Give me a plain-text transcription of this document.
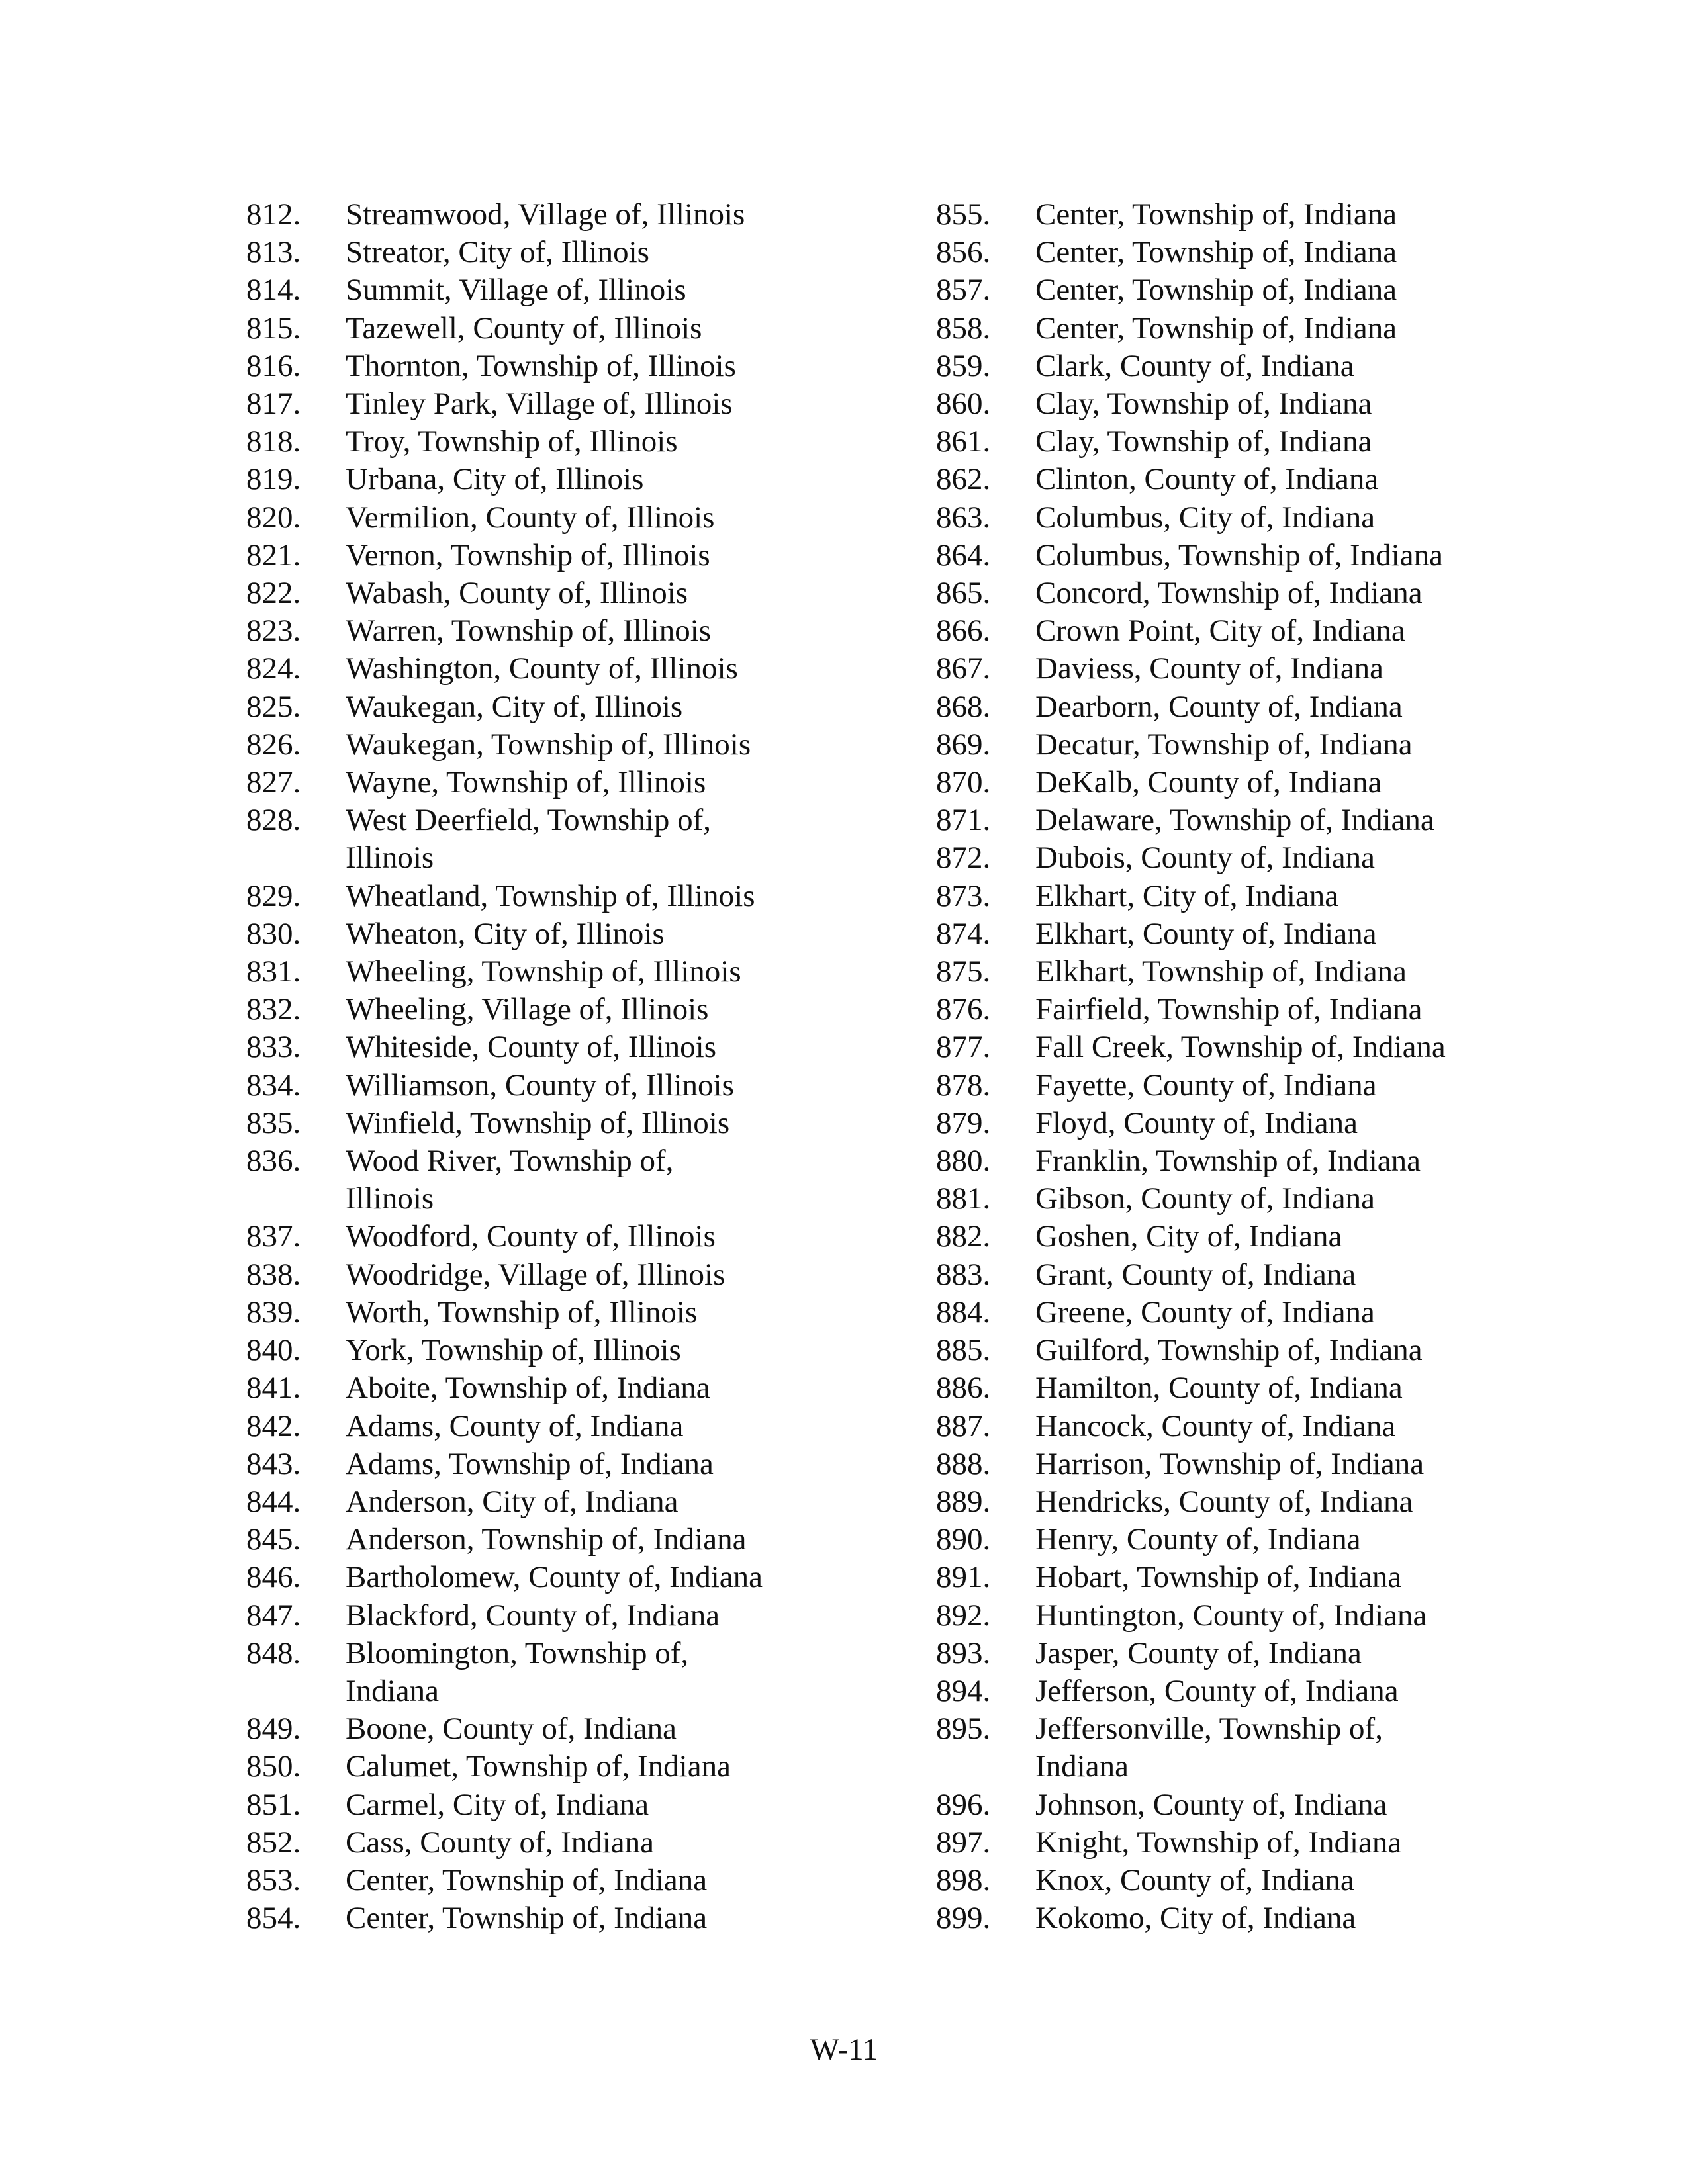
812.	Streamwood, Village of, Illinois
813.	Streator, City of, Illinois
814.	Summit, Village of, Illinois
815.	Tazewell, County of, Illinois
816.	Thornton, Township of, Illinois
817.	Tinley Park, Village of, Illinois
818.	Troy, Township of, Illinois
819.	Urbana, City of, Illinois
820.	Vermilion, County of, Illinois
821.	Vernon, Township of, Illinois
822.	Wabash, County of, Illinois
823.	Warren, Township of, Illinois
824.	Washington, County of, Illinois
825.	Waukegan, City of, Illinois
826.	Waukegan, Township of, Illinois
827.	Wayne, Township of, Illinois
828.	West Deerfield, Township of,
Illinois
829.	Wheatland, Township of, Illinois
830.	Wheaton, City of, Illinois
831.	Wheeling, Township of, Illinois
832.	Wheeling, Village of, Illinois
833.	Whiteside, County of, Illinois
834.	Williamson, County of, Illinois
835.	Winfield, Township of, Illinois
836.	Wood River, Township of,
Illinois
837.	Woodford, County of, Illinois
838.	Woodridge, Village of, Illinois
839.	Worth, Township of, Illinois
840.	York, Township of, Illinois
841.	Aboite, Township of, Indiana
842.	Adams, County of, Indiana
843.	Adams, Township of, Indiana
844.	Anderson, City of, Indiana
845.	Anderson, Township of, Indiana
846.	Bartholomew, County of, Indiana
847.	Blackford, County of, Indiana
848.	Bloomington, Township of,
Indiana
849.	Boone, County of, Indiana
850.	Calumet, Township of, Indiana
851.	Carmel, City of, Indiana
852.	Cass, County of, Indiana
853.	Center, Township of, Indiana
854.	Center, Township of, Indiana
855.	Center, Township of, Indiana
856.	Center, Township of, Indiana
857.	Center, Township of, Indiana
858.	Center, Township of, Indiana
859.	Clark, County of, Indiana
860.	Clay, Township of, Indiana
861.	Clay, Township of, Indiana
862.	Clinton, County of, Indiana
863.	Columbus, City of, Indiana
864.	Columbus, Township of, Indiana
865.	Concord, Township of, Indiana
866.	Crown Point, City of, Indiana
867.	Daviess, County of, Indiana
868.	Dearborn, County of, Indiana
869.	Decatur, Township of, Indiana
870.	DeKalb, County of, Indiana
871.	Delaware, Township of, Indiana
872.	Dubois, County of, Indiana
873.	Elkhart, City of, Indiana
874.	Elkhart, County of, Indiana
875.	Elkhart, Township of, Indiana
876.	Fairfield, Township of, Indiana
877.	Fall Creek, Township of, Indiana
878.	Fayette, County of, Indiana
879.	Floyd, County of, Indiana
880.	Franklin, Township of, Indiana
881.	Gibson, County of, Indiana
882.	Goshen, City of, Indiana
883.	Grant, County of, Indiana
884.	Greene, County of, Indiana
885.	Guilford, Township of, Indiana
886.	Hamilton, County of, Indiana
887.	Hancock, County of, Indiana
888.	Harrison, Township of, Indiana
889.	Hendricks, County of, Indiana
890.	Henry, County of, Indiana
891.	Hobart, Township of, Indiana
892.	Huntington, County of, Indiana
893.	Jasper, County of, Indiana
894.	Jefferson, County of, Indiana
895.	Jeffersonville, Township of,
Indiana
896.	Johnson, County of, Indiana
897.	Knight, Township of, Indiana
898.	Knox, County of, Indiana
899.	Kokomo, City of, Indiana
W-11
